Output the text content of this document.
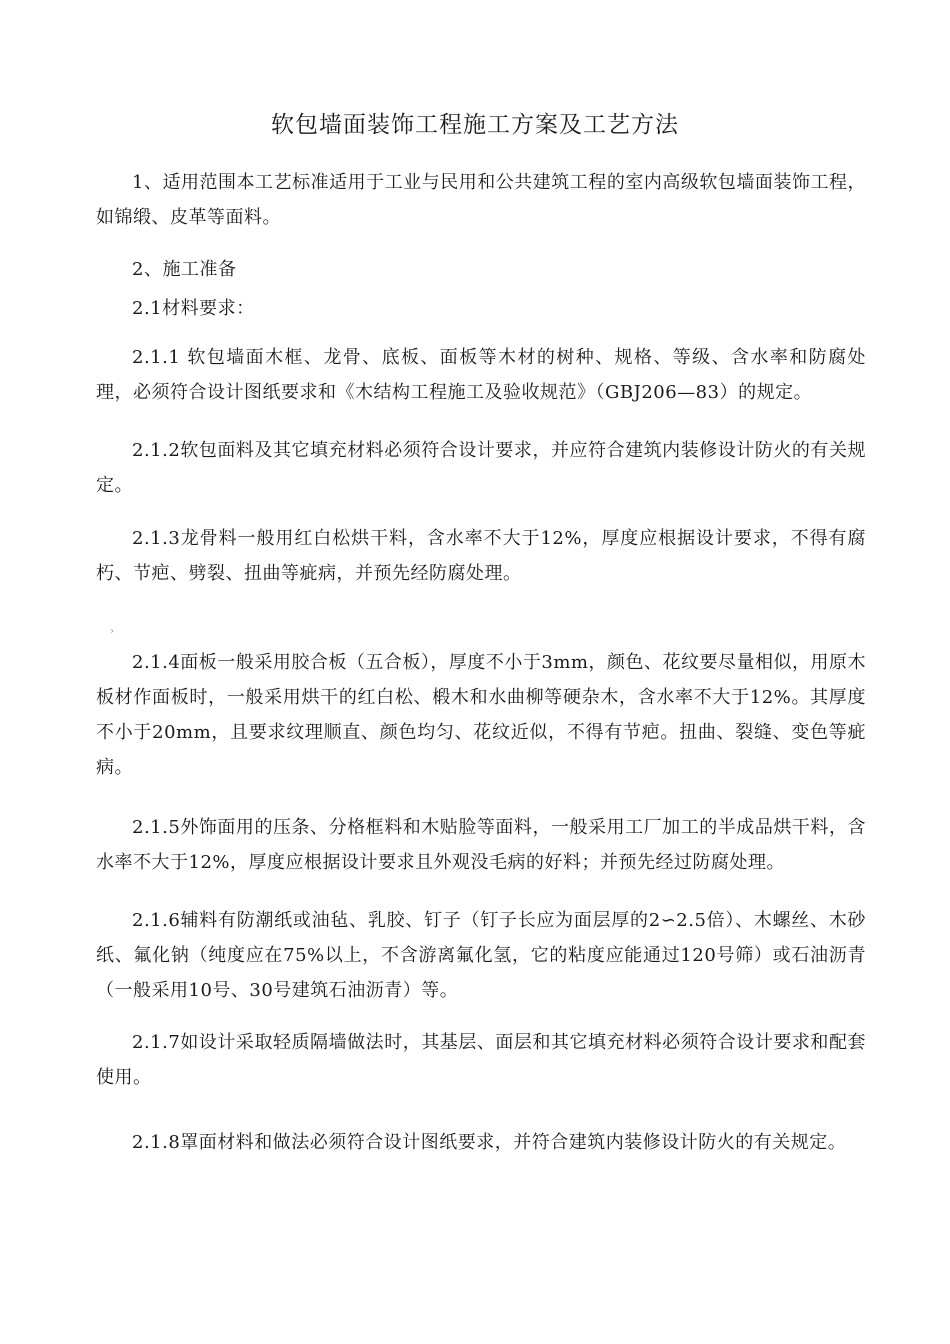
软包墙面装饰工程施工方案及工艺方法

1、适用范围本工艺标准适用于工业与民用和公共建筑工程的室内高级软包墙面装饰工程，如锦缎、皮革等面料。

2、施工准备

2.1材料要求：

2.1.1 软包墙面木框、龙骨、底板、面板等木材的树种、规格、等级、含水率和防腐处理，必须符合设计图纸要求和《木结构工程施工及验收规范》（GBJ206—83）的规定。

2.1.2软包面料及其它填充材料必须符合设计要求，并应符合建筑内装修设计防火的有关规定。

2.1.3龙骨料一般用红白松烘干料，含水率不大于12%，厚度应根据设计要求，不得有腐朽、节疤、劈裂、扭曲等疵病，并预先经防腐处理。

›

2.1.4面板一般采用胶合板（五合板），厚度不小于3mm，颜色、花纹要尽量相似，用原木板材作面板时，一般采用烘干的红白松、椴木和水曲柳等硬杂木，含水率不大于12%。其厚度不小于20mm，且要求纹理顺直、颜色均匀、花纹近似，不得有节疤。扭曲、裂缝、变色等疵病。

2.1.5外饰面用的压条、分格框料和木贴脸等面料，一般采用工厂加工的半成品烘干料，含水率不大于12%，厚度应根据设计要求且外观没毛病的好料；并预先经过防腐处理。

2.1.6辅料有防潮纸或油毡、乳胶、钉子（钉子长应为面层厚的2∽2.5倍）、木螺丝、木砂纸、氟化钠（纯度应在75%以上，不含游离氟化氢，它的粘度应能通过120号筛）或石油沥青（一般采用10号、30号建筑石油沥青）等。

2.1.7如设计采取轻质隔墙做法时，其基层、面层和其它填充材料必须符合设计要求和配套使用。

2.1.8罩面材料和做法必须符合设计图纸要求，并符合建筑内装修设计防火的有关规定。
